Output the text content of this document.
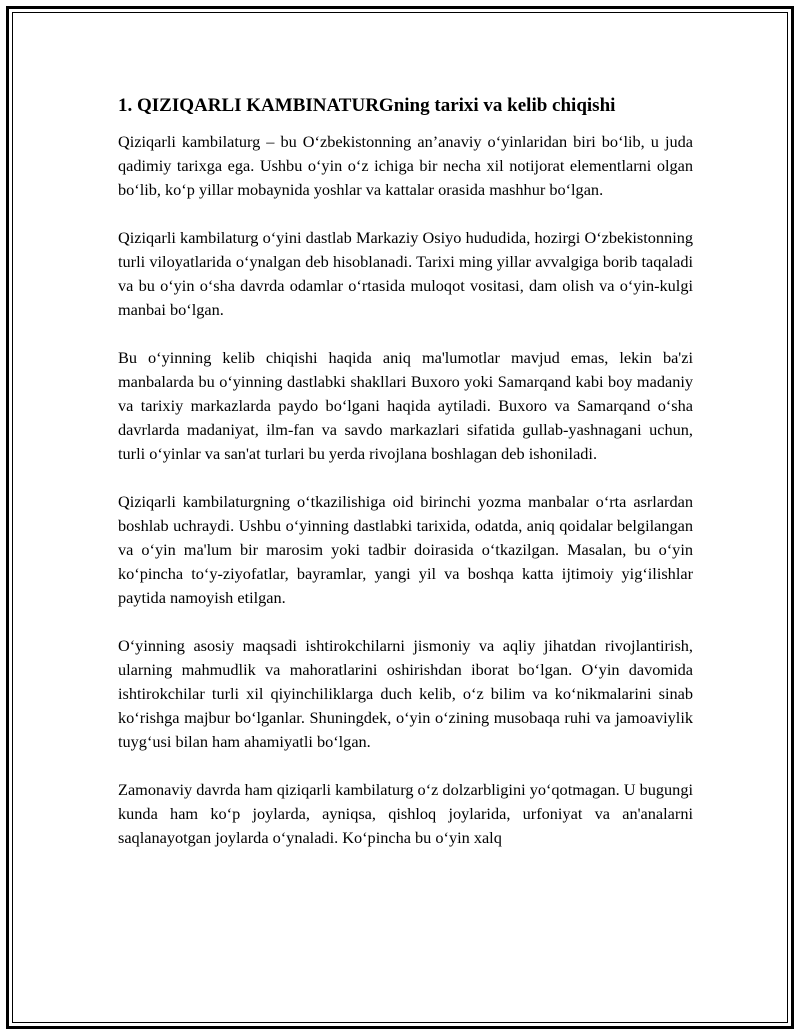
1. QIZIQARLI KAMBINATURGning tarixi va kelib chiqishi

Qiziqarli kambilaturg – bu O‘zbekistonning an’anaviy o‘yinlaridan biri bo‘lib, u juda qadimiy tarixga ega. Ushbu o‘yin o‘z ichiga bir necha xil notijorat elementlarni olgan bo‘lib, ko‘p yillar mobaynida yoshlar va kattalar orasida mashhur bo‘lgan.

Qiziqarli kambilaturg o‘yini dastlab Markaziy Osiyo hududida, hozirgi O‘zbekistonning turli viloyatlarida o‘ynalgan deb hisoblanadi. Tarixi ming yillar avvalgiga borib taqaladi va bu o‘yin o‘sha davrda odamlar o‘rtasida muloqot vositasi, dam olish va o‘yin-kulgi manbai bo‘lgan.

Bu o‘yinning kelib chiqishi haqida aniq ma'lumotlar mavjud emas, lekin ba'zi manbalarda bu o‘yinning dastlabki shakllari Buxoro yoki Samarqand kabi boy madaniy va tarixiy markazlarda paydo bo‘lgani haqida aytiladi. Buxoro va Samarqand o‘sha davrlarda madaniyat, ilm-fan va savdo markazlari sifatida gullab-yashnagani uchun, turli o‘yinlar va san'at turlari bu yerda rivojlana boshlagan deb ishoniladi.

Qiziqarli kambilaturgning o‘tkazilishiga oid birinchi yozma manbalar o‘rta asrlardan boshlab uchraydi. Ushbu o‘yinning dastlabki tarixida, odatda, aniq qoidalar belgilangan va o‘yin ma'lum bir marosim yoki tadbir doirasida o‘tkazilgan. Masalan, bu o‘yin ko‘pincha to‘y-ziyofatlar, bayramlar, yangi yil va boshqa katta ijtimoiy yig‘ilishlar paytida namoyish etilgan.

O‘yinning asosiy maqsadi ishtirokchilarni jismoniy va aqliy jihatdan rivojlantirish, ularning mahmudlik va mahoratlarini oshirishdan iborat bo‘lgan. O‘yin davomida ishtirokchilar turli xil qiyinchiliklarga duch kelib, o‘z bilim va ko‘nikmalarini sinab ko‘rishga majbur bo‘lganlar. Shuningdek, o‘yin o‘zining musobaqa ruhi va jamoaviylik tuyg‘usi bilan ham ahamiyatli bo‘lgan.

Zamonaviy davrda ham qiziqarli kambilaturg o‘z dolzarbligini yo‘qotmagan. U bugungi kunda ham ko‘p joylarda, ayniqsa, qishloq joylarida, urfoniyat va an'analarni saqlanayotgan joylarda o‘ynaladi. Ko‘pincha bu o‘yin xalq
